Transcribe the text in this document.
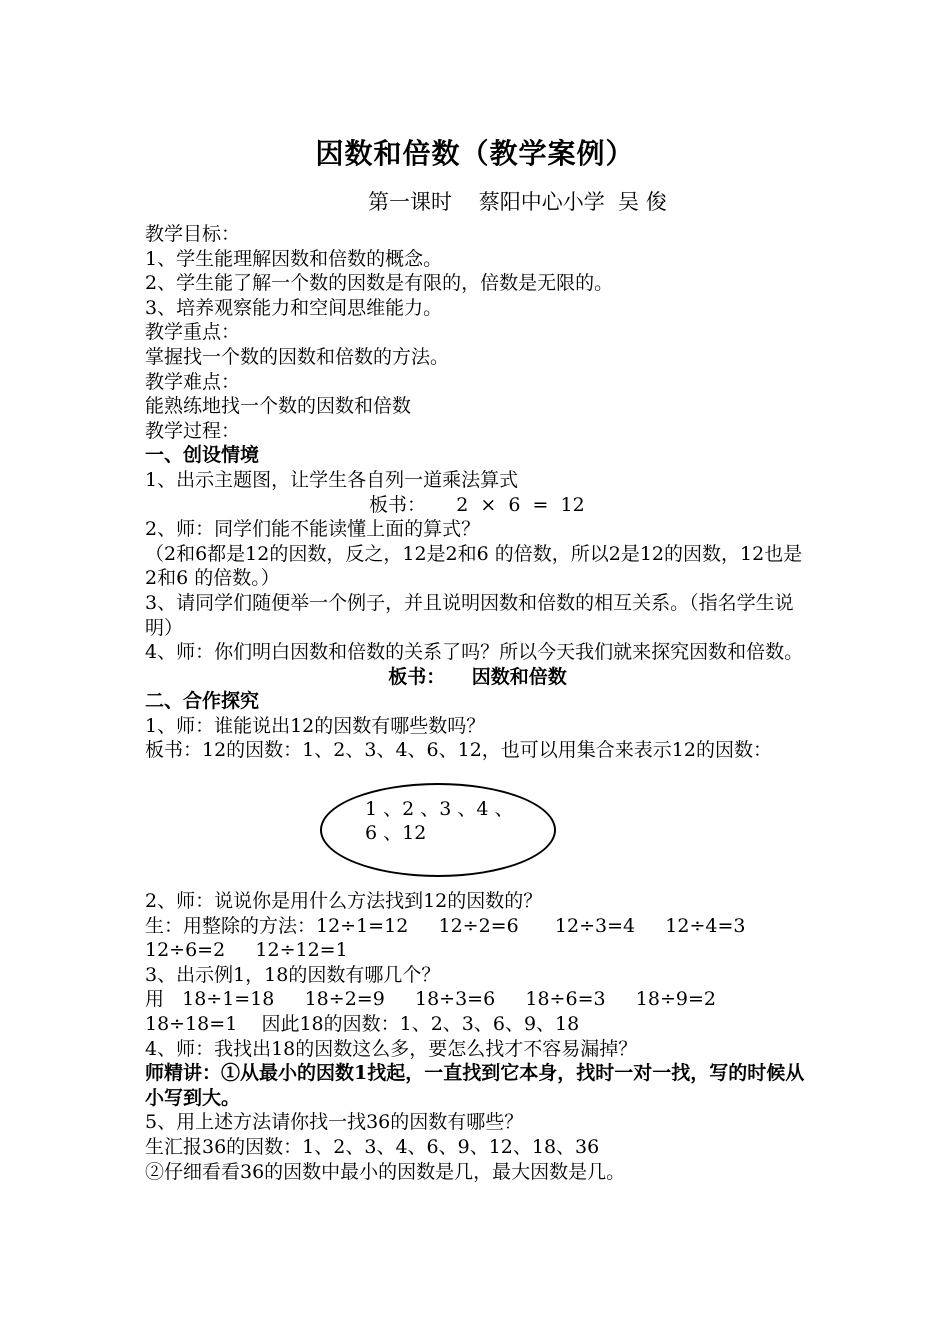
因数和倍数（教学案例）
第一课时    蔡阳中心小学  吴 俊
教学目标：
1、学生能理解因数和倍数的概念。
2、学生能了解一个数的因数是有限的，倍数是无限的。
3、培养观察能力和空间思维能力。
教学重点：
掌握找一个数的因数和倍数的方法。
教学难点：
能熟练地找一个数的因数和倍数
教学过程：
一、创设情境
1、出示主题图，让学生各自列一道乘法算式
板书：     2  ×  6  =  12
2、师：同学们能不能读懂上面的算式？
（2和6都是12的因数，反之，12是2和6 的倍数，所以2是12的因数，12也是2和6 的倍数。）
3、请同学们随便举一个例子，并且说明因数和倍数的相互关系。（指名学生说明）
4、师：你们明白因数和倍数的关系了吗？所以今天我们就来探究因数和倍数。
板书：    因数和倍数
二、合作探究
1、师：谁能说出12的因数有哪些数吗？
板书：12的因数：1、2、3、4、6、12，也可以用集合来表示12的因数：
1 、2 、3 、4 、6 、12
2、师：说说你是用什么方法找到12的因数的？
生：用整除的方法：12÷1=12     12÷2=6      12÷3=4     12÷4=3
12÷6=2     12÷12=1
3、出示例1，18的因数有哪几个？
用   18÷1=18     18÷2=9     18÷3=6     18÷6=3     18÷9=2
18÷18=1    因此18的因数：1、2、3、6、9、18
4、师：我找出18的因数这么多，要怎么找才不容易漏掉？
师精讲：①从最小的因数1找起，一直找到它本身，找时一对一找，写的时候从小写到大。
5、用上述方法请你找一找36的因数有哪些？
生汇报36的因数：1、2、3、4、6、9、12、18、36
②仔细看看36的因数中最小的因数是几，最大因数是几。
